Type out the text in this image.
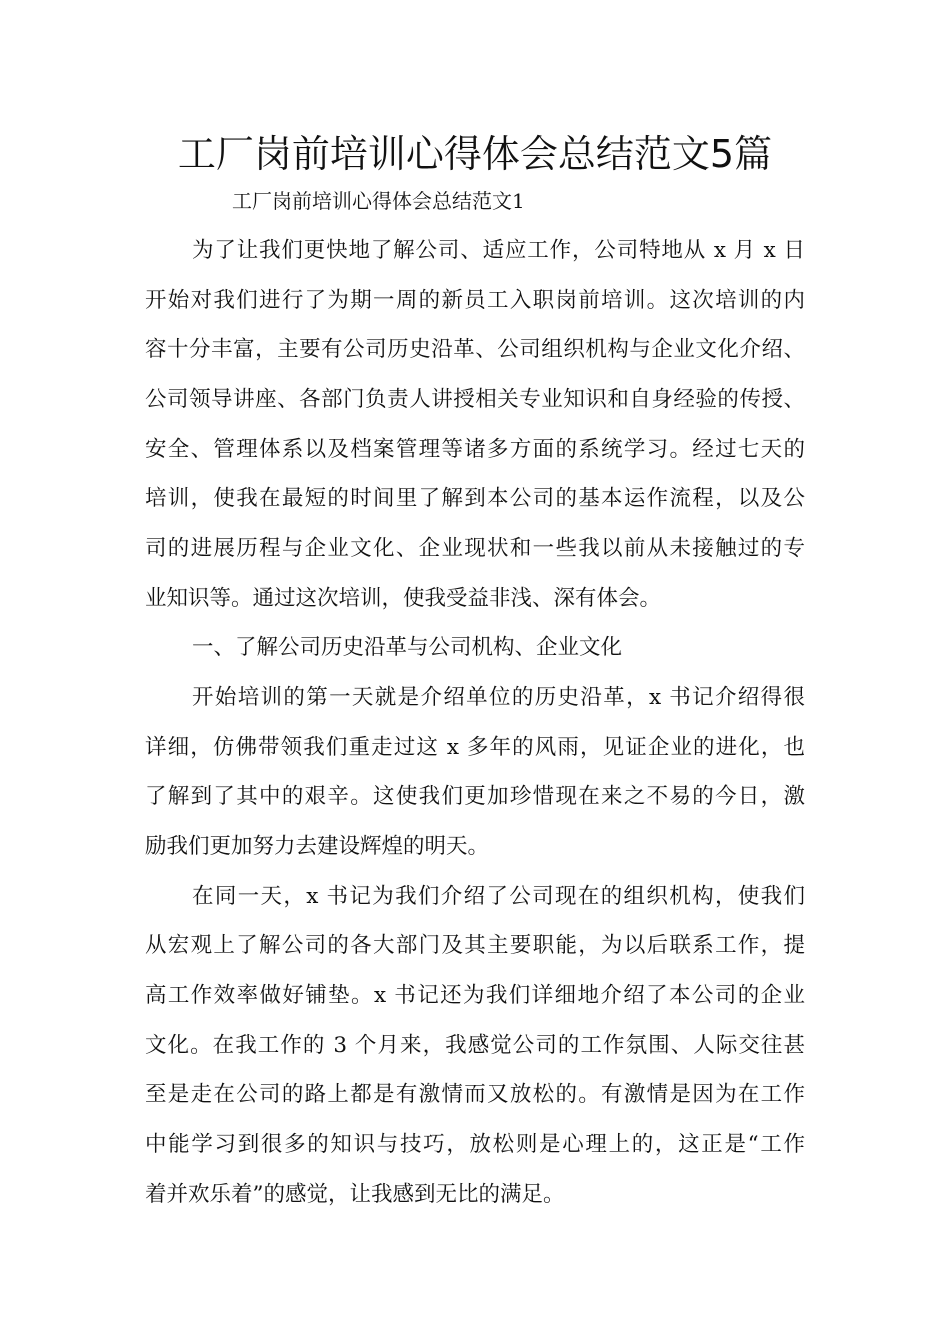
工厂岗前培训心得体会总结范文5篇

工厂岗前培训心得体会总结范文1

为了让我们更快地了解公司、适应工作，公司特地从 x 月 x 日

开始对我们进行了为期一周的新员工入职岗前培训。这次培训的内

容十分丰富，主要有公司历史沿革、公司组织机构与企业文化介绍、

公司领导讲座、各部门负责人讲授相关专业知识和自身经验的传授、

安全、管理体系以及档案管理等诸多方面的系统学习。经过七天的

培训，使我在最短的时间里了解到本公司的基本运作流程，以及公

司的进展历程与企业文化、企业现状和一些我以前从未接触过的专

业知识等。通过这次培训，使我受益非浅、深有体会。

一、了解公司历史沿革与公司机构、企业文化

开始培训的第一天就是介绍单位的历史沿革，x 书记介绍得很

详细，仿佛带领我们重走过这 x 多年的风雨，见证企业的进化，也

了解到了其中的艰辛。这使我们更加珍惜现在来之不易的今日，激

励我们更加努力去建设辉煌的明天。

在同一天，x 书记为我们介绍了公司现在的组织机构，使我们

从宏观上了解公司的各大部门及其主要职能，为以后联系工作，提

高工作效率做好铺垫。x 书记还为我们详细地介绍了本公司的企业

文化。在我工作的 3 个月来，我感觉公司的工作氛围、人际交往甚

至是走在公司的路上都是有激情而又放松的。有激情是因为在工作

中能学习到很多的知识与技巧，放松则是心理上的，这正是“工作

着并欢乐着”的感觉，让我感到无比的满足。
